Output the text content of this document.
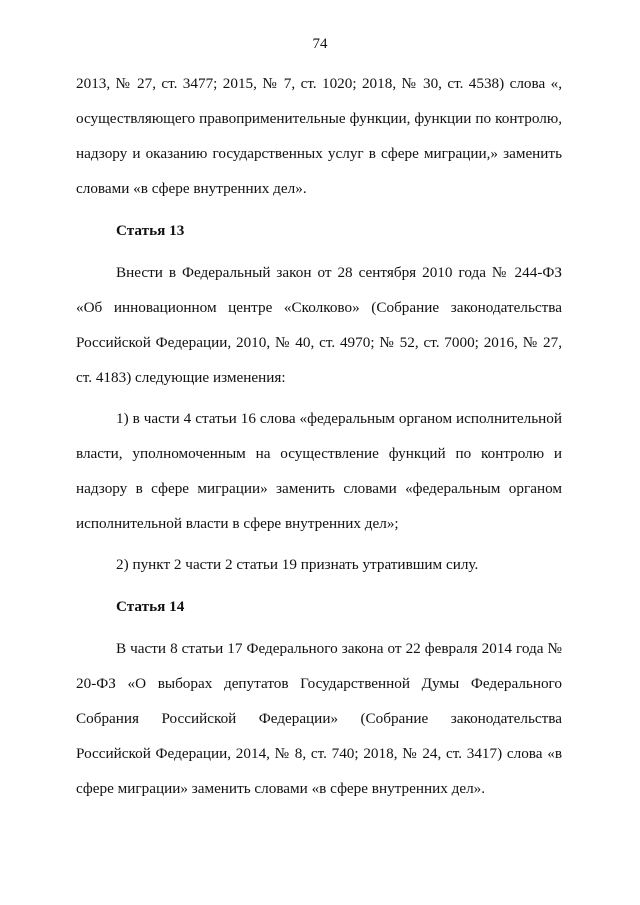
74

2013, № 27, ст. 3477; 2015, № 7, ст. 1020; 2018, № 30, ст. 4538) слова «, осуществляющего правоприменительные функции, функции по контролю, надзору и оказанию государственных услуг в сфере миграции,» заменить словами «в сфере внутренних дел».

Статья 13

Внести в Федеральный закон от 28 сентября 2010 года № 244-ФЗ «Об инновационном центре «Сколково» (Собрание законодательства Российской Федерации, 2010, № 40, ст. 4970; № 52, ст. 7000; 2016, № 27, ст. 4183) следующие изменения:

1) в части 4 статьи 16 слова «федеральным органом исполнительной власти, уполномоченным на осуществление функций по контролю и надзору в сфере миграции» заменить словами «федеральным органом исполнительной власти в сфере внутренних дел»;

2) пункт 2 части 2 статьи 19 признать утратившим силу.

Статья 14

В части 8 статьи 17 Федерального закона от 22 февраля 2014 года № 20-ФЗ «О выборах депутатов Государственной Думы Федерального Собрания Российской Федерации» (Собрание законодательства Российской Федерации, 2014, № 8, ст. 740; 2018, № 24, ст. 3417) слова «в сфере миграции» заменить словами «в сфере внутренних дел».
